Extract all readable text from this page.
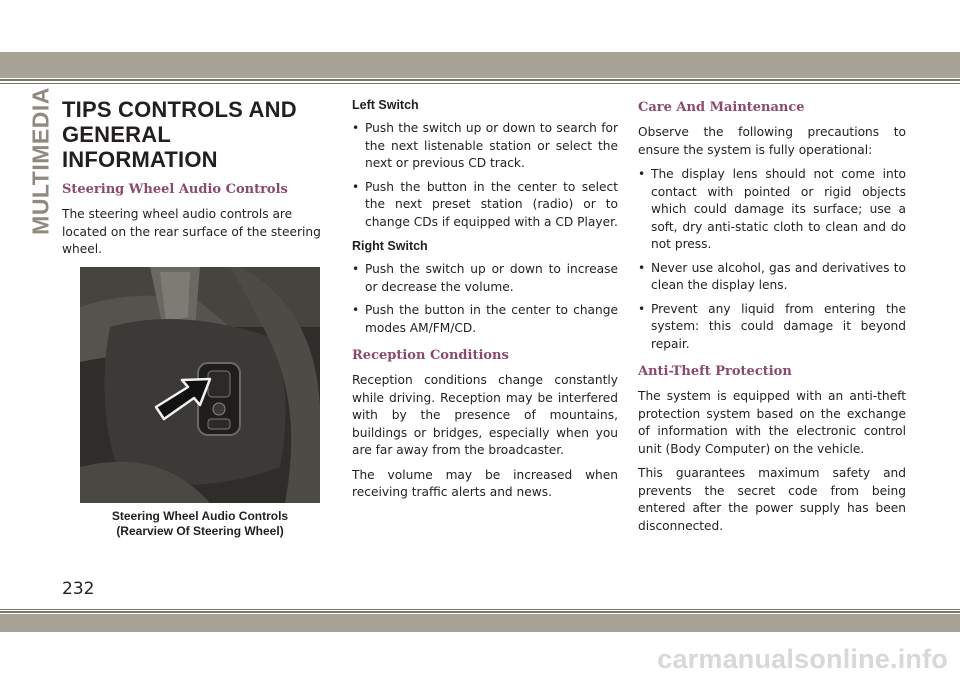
MULTIMEDIA TIPS CONTROLS AND
GENERAL INFORMATION
Steering Wheel Audio Controls

The steering wheel audio controls are located on the rear surface of the steering wheel.

Steering Wheel Audio Controls
(Rearview Of Steering Wheel)
Left Switch
• Push the switch up or down to search for the next listenable station or select the next or previous CD track.
• Push the button in the center to select the next preset station (radio) or to change CDs if equipped with a CD Player.
Right Switch
• Push the switch up or down to increase or decrease the volume.
• Push the button in the center to change modes AM/FM/CD.
Reception Conditions

Reception conditions change constantly while driving. Reception may be interfered with by the presence of mountains, buildings or bridges, especially when you are far away from the broadcaster.

The volume may be increased when receiving traffic alerts and news.

Care And Maintenance

Observe the following precautions to ensure the system is fully operational:

• The display lens should not come into contact with pointed or rigid objects which could damage its surface; use a soft, dry anti-static cloth to clean and do not press.
• Never use alcohol, gas and derivatives to clean the display lens.
• Prevent any liquid from entering the system: this could damage it beyond repair.
Anti-Theft Protection

The system is equipped with an anti-theft protection system based on the exchange of information with the electronic control unit (Body Computer) on the vehicle.

This guarantees maximum safety and prevents the secret code from being entered after the power supply has been disconnected.

232
carmanualsonline.info
